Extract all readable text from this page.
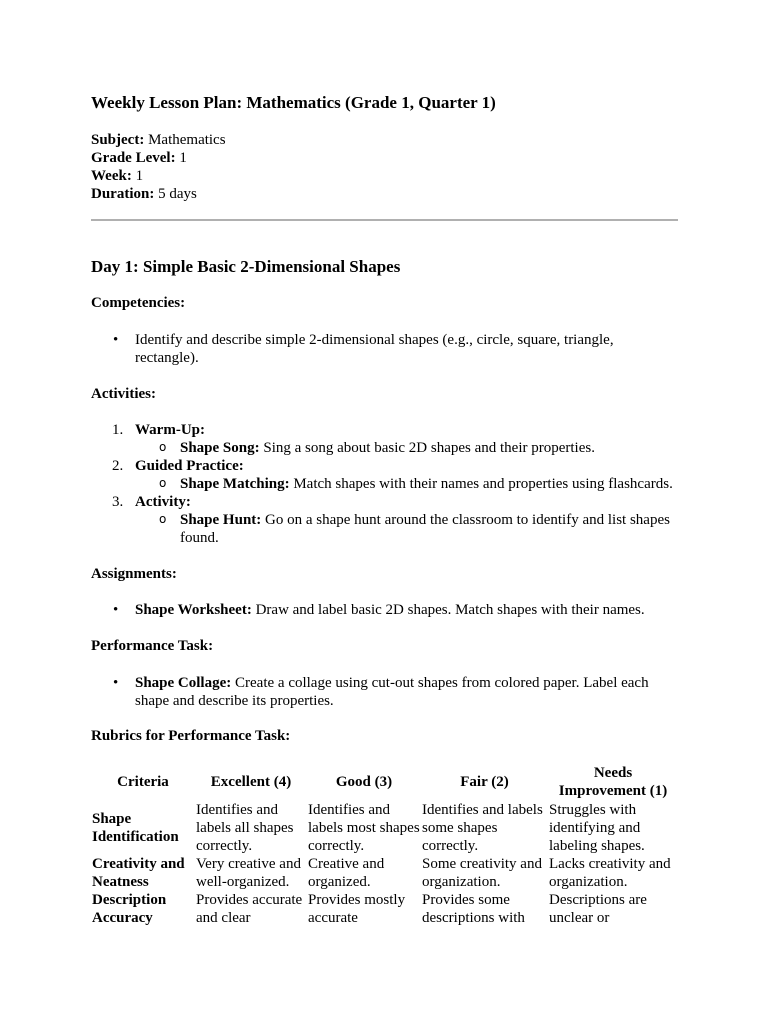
Weekly Lesson Plan: Mathematics (Grade 1, Quarter 1)
Subject: Mathematics
Grade Level: 1
Week: 1
Duration: 5 days
Day 1: Simple Basic 2-Dimensional Shapes
Competencies:
• Identify and describe simple 2-dimensional shapes (e.g., circle, square, triangle,
rectangle).
Activities:
1. Warm-Up:
o Shape Song: Sing a song about basic 2D shapes and their properties.
2. Guided Practice:
o Shape Matching: Match shapes with their names and properties using flashcards.
3. Activity:
o Shape Hunt: Go on a shape hunt around the classroom to identify and list shapes
found.
Assignments:
• Shape Worksheet: Draw and label basic 2D shapes. Match shapes with their names.
Performance Task:
• Shape Collage: Create a collage using cut-out shapes from colored paper. Label each
shape and describe its properties.
Rubrics for Performance Task:
Criteria	Excellent (4)	Good (3)	Fair (2)	Needs Improvement (1)
Shape Identification	Identifies and labels all shapes correctly.	Identifies and labels most shapes correctly.	Identifies and labels some shapes correctly.	Struggles with identifying and labeling shapes.
Creativity and Neatness	Very creative and well-organized.	Creative and organized.	Some creativity and organization.	Lacks creativity and organization.
Description Accuracy	Provides accurate and clear	Provides mostly accurate	Provides some descriptions with	Descriptions are unclear or
